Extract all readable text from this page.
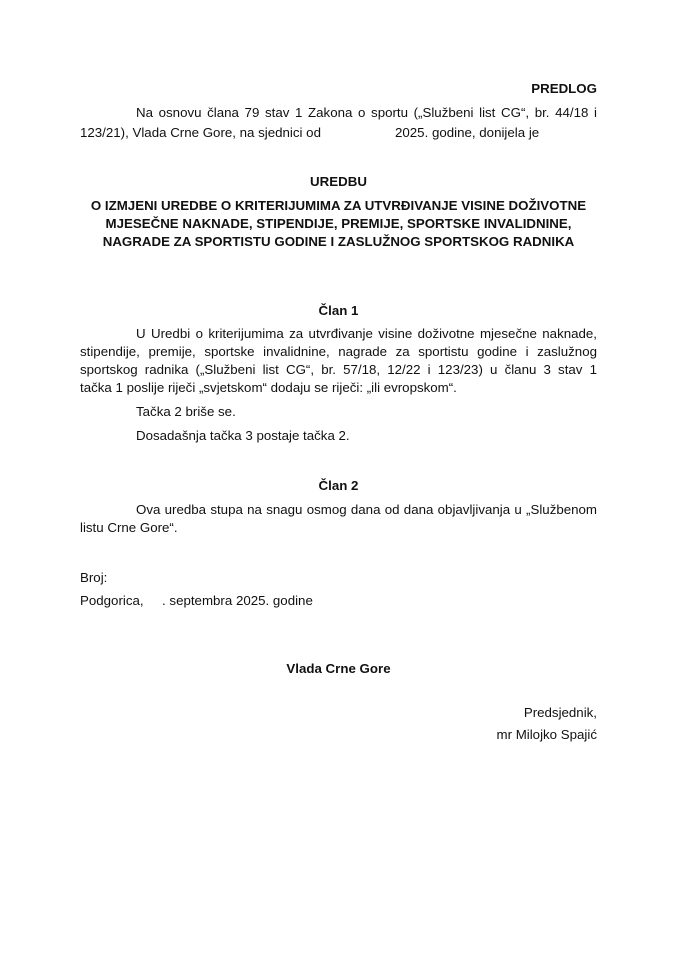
PREDLOG
Na osnovu člana 79 stav 1 Zakona o sportu („Službeni list CG“, br. 44/18 i
123/21), Vlada Crne Gore, na sjednici od	2025. godine, donijela je
UREDBU
O IZMJENI UREDBE O KRITERIJUMIMA ZA UTVRĐIVANJE VISINE DOŽIVOTNE
MJESEČNE NAKNADE, STIPENDIJE, PREMIJE, SPORTSKE INVALIDNINE,
NAGRADE ZA SPORTISTU GODINE I ZASLUŽNOG SPORTSKOG RADNIKA
Član 1
U Uredbi o kriterijumima za utvrđivanje visine doživotne mjesečne naknade,
stipendije, premije, sportske invalidnine, nagrade za sportistu godine i zaslužnog
sportskog radnika („Službeni list CG“, br. 57/18, 12/22 i 123/23) u članu 3 stav 1
tačka 1 poslije riječi „svjetskom“ dodaju se riječi: „ili evropskom“.
Tačka 2 briše se.
Dosadašnja tačka 3 postaje tačka 2.
Član 2
Ova uredba stupa na snagu osmog dana od dana objavljivanja u „Službenom
listu Crne Gore“.
Broj:
Podgorica,     . septembra 2025. godine
Vlada Crne Gore
Predsjednik,
mr Milojko Spajić
